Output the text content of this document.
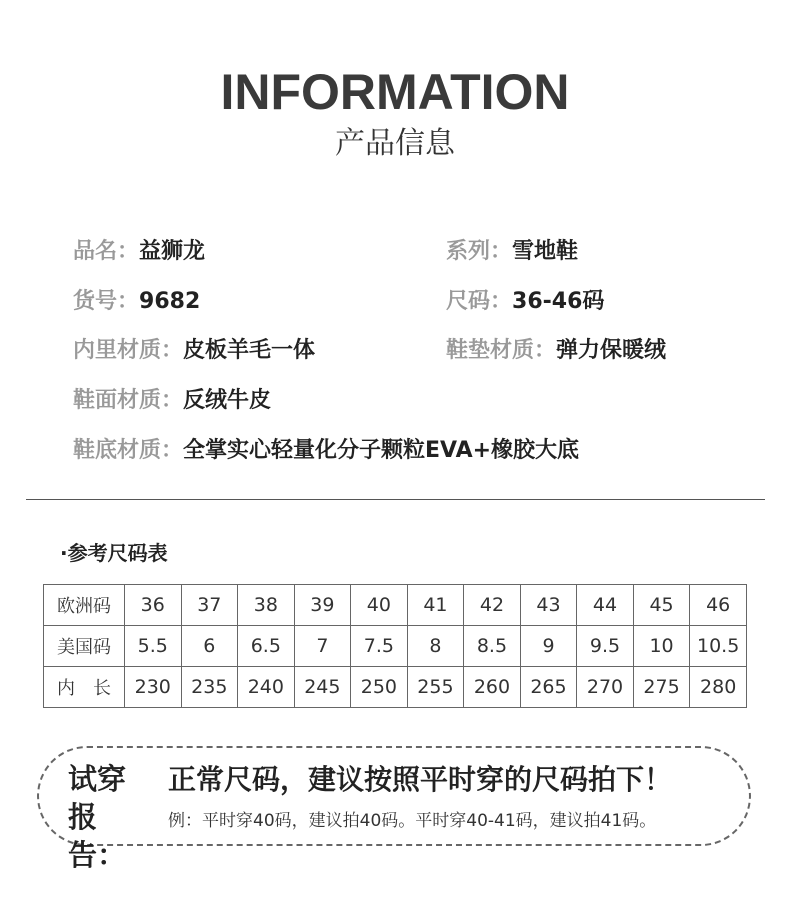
INFORMATION
产品信息
品名：益狮龙	系列：雪地鞋
货号：9682	尺码：36-46码
内里材质：皮板羊毛一体	鞋垫材质：弹力保暖绒
鞋面材质：反绒牛皮
鞋底材质：全掌实心轻量化分子颗粒EVA+橡胶大底
·参考尺码表
欧洲码	36	37	38	39	40	41	42	43	44	45	46
美国码	5.5	6	6.5	7	7.5	8	8.5	9	9.5	10	10.5
内　长	230	235	240	245	250	255	260	265	270	275	280
试穿
报告：
正常尺码，建议按照平时穿的尺码拍下！
例：平时穿40码，建议拍40码。平时穿40-41码，建议拍41码。
